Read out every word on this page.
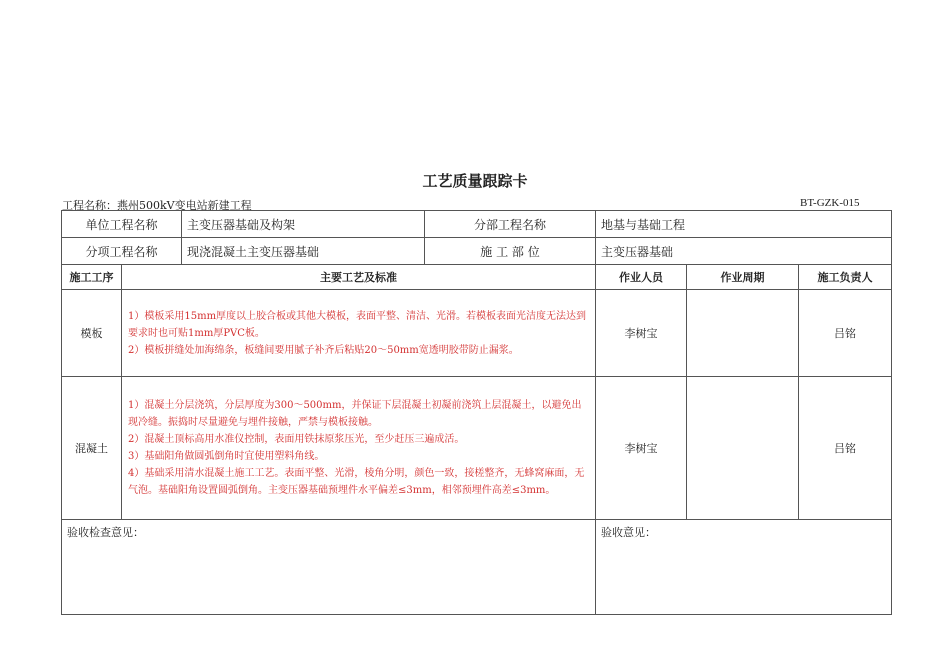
工艺质量跟踪卡
工程名称：燕州500kV变电站新建工程	BT-GZK-015
单位工程名称	主变压器基础及构架	分部工程名称	地基与基础工程
分项工程名称	现浇混凝土主变压器基础	施 工 部 位	主变压器基础
施工工序	主要工艺及标准	作业人员	作业周期	施工负责人
模板	1）模板采用15mm厚度以上胶合板或其他大模板，表面平整、清洁、光滑。若模板表面光洁度无法达到要求时也可贴1mm厚PVC板。

2）模板拼缝处加海绵条，板缝间要用腻子补齐后粘贴20～50mm宽透明胶带防止漏浆。	李树宝		吕铭
混凝土	1）混凝土分层浇筑，分层厚度为300～500mm，并保证下层混凝土初凝前浇筑上层混凝土，以避免出现冷缝。振捣时尽量避免与埋件接触，严禁与模板接触。

2）混凝土顶标高用水准仪控制，表面用铁抹原浆压光，至少赶压三遍成活。

3）基础阳角做圆弧倒角时宜使用塑料角线。

4）基础采用清水混凝土施工工艺。表面平整、光滑，棱角分明，颜色一致，接槎整齐，无蜂窝麻面，无气泡。基础阳角设置圆弧倒角。主变压器基础预埋件水平偏差≤3mm，相邻预埋件高差≤3mm。	李树宝		吕铭
验收检查意见：		验收意见：		
